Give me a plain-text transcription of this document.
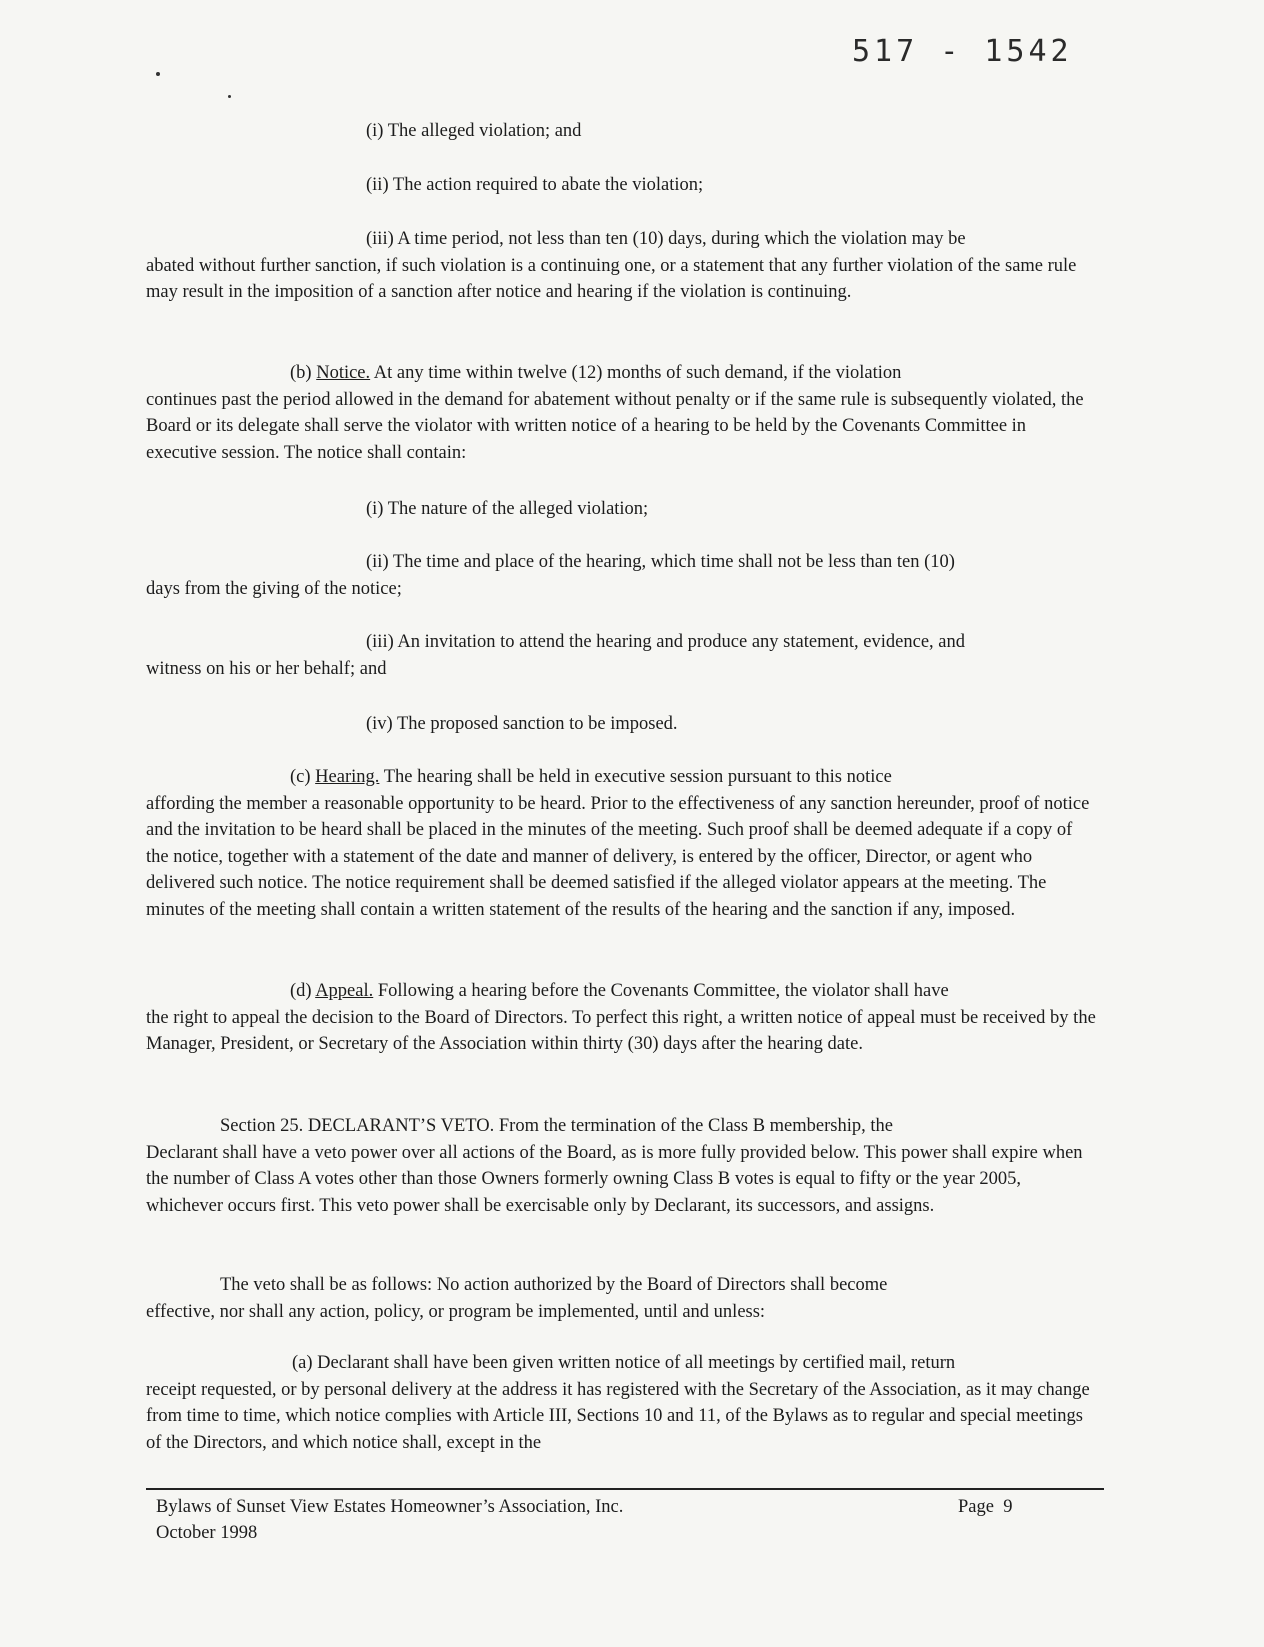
517 - 1542

(i) The alleged violation; and

(ii) The action required to abate the violation;

(iii) A time period, not less than ten (10) days, during which the violation may be
abated without further sanction, if such violation is a continuing one, or a statement that any further violation of the same rule may result in the imposition of a sanction after notice and hearing if the violation is continuing.

(b) Notice. At any time within twelve (12) months of such demand, if the violation
continues past the period allowed in the demand for abatement without penalty or if the same rule is subsequently violated, the Board or its delegate shall serve the violator with written notice of a hearing to be held by the Covenants Committee in executive session. The notice shall contain:

(i) The nature of the alleged violation;

(ii) The time and place of the hearing, which time shall not be less than ten (10)
days from the giving of the notice;

(iii) An invitation to attend the hearing and produce any statement, evidence, and
witness on his or her behalf; and

(iv) The proposed sanction to be imposed.

(c) Hearing. The hearing shall be held in executive session pursuant to this notice
affording the member a reasonable opportunity to be heard. Prior to the effectiveness of any sanction hereunder, proof of notice and the invitation to be heard shall be placed in the minutes of the meeting. Such proof shall be deemed adequate if a copy of the notice, together with a statement of the date and manner of delivery, is entered by the officer, Director, or agent who delivered such notice. The notice requirement shall be deemed satisfied if the alleged violator appears at the meeting. The minutes of the meeting shall contain a written statement of the results of the hearing and the sanction if any, imposed.

(d) Appeal. Following a hearing before the Covenants Committee, the violator shall have
the right to appeal the decision to the Board of Directors. To perfect this right, a written notice of appeal must be received by the Manager, President, or Secretary of the Association within thirty (30) days after the hearing date.

Section 25. DECLARANT’S VETO. From the termination of the Class B membership, the
Declarant shall have a veto power over all actions of the Board, as is more fully provided below. This power shall expire when the number of Class A votes other than those Owners formerly owning Class B votes is equal to fifty or the year 2005, whichever occurs first. This veto power shall be exercisable only by Declarant, its successors, and assigns.

The veto shall be as follows: No action authorized by the Board of Directors shall become
effective, nor shall any action, policy, or program be implemented, until and unless:

(a) Declarant shall have been given written notice of all meetings by certified mail, return
receipt requested, or by personal delivery at the address it has registered with the Secretary of the Association, as it may change from time to time, which notice complies with Article III, Sections 10 and 11, of the Bylaws as to regular and special meetings of the Directors, and which notice shall, except in the

Bylaws of Sunset View Estates Homeowner’s Association, Inc.
October 1998
Page 9
